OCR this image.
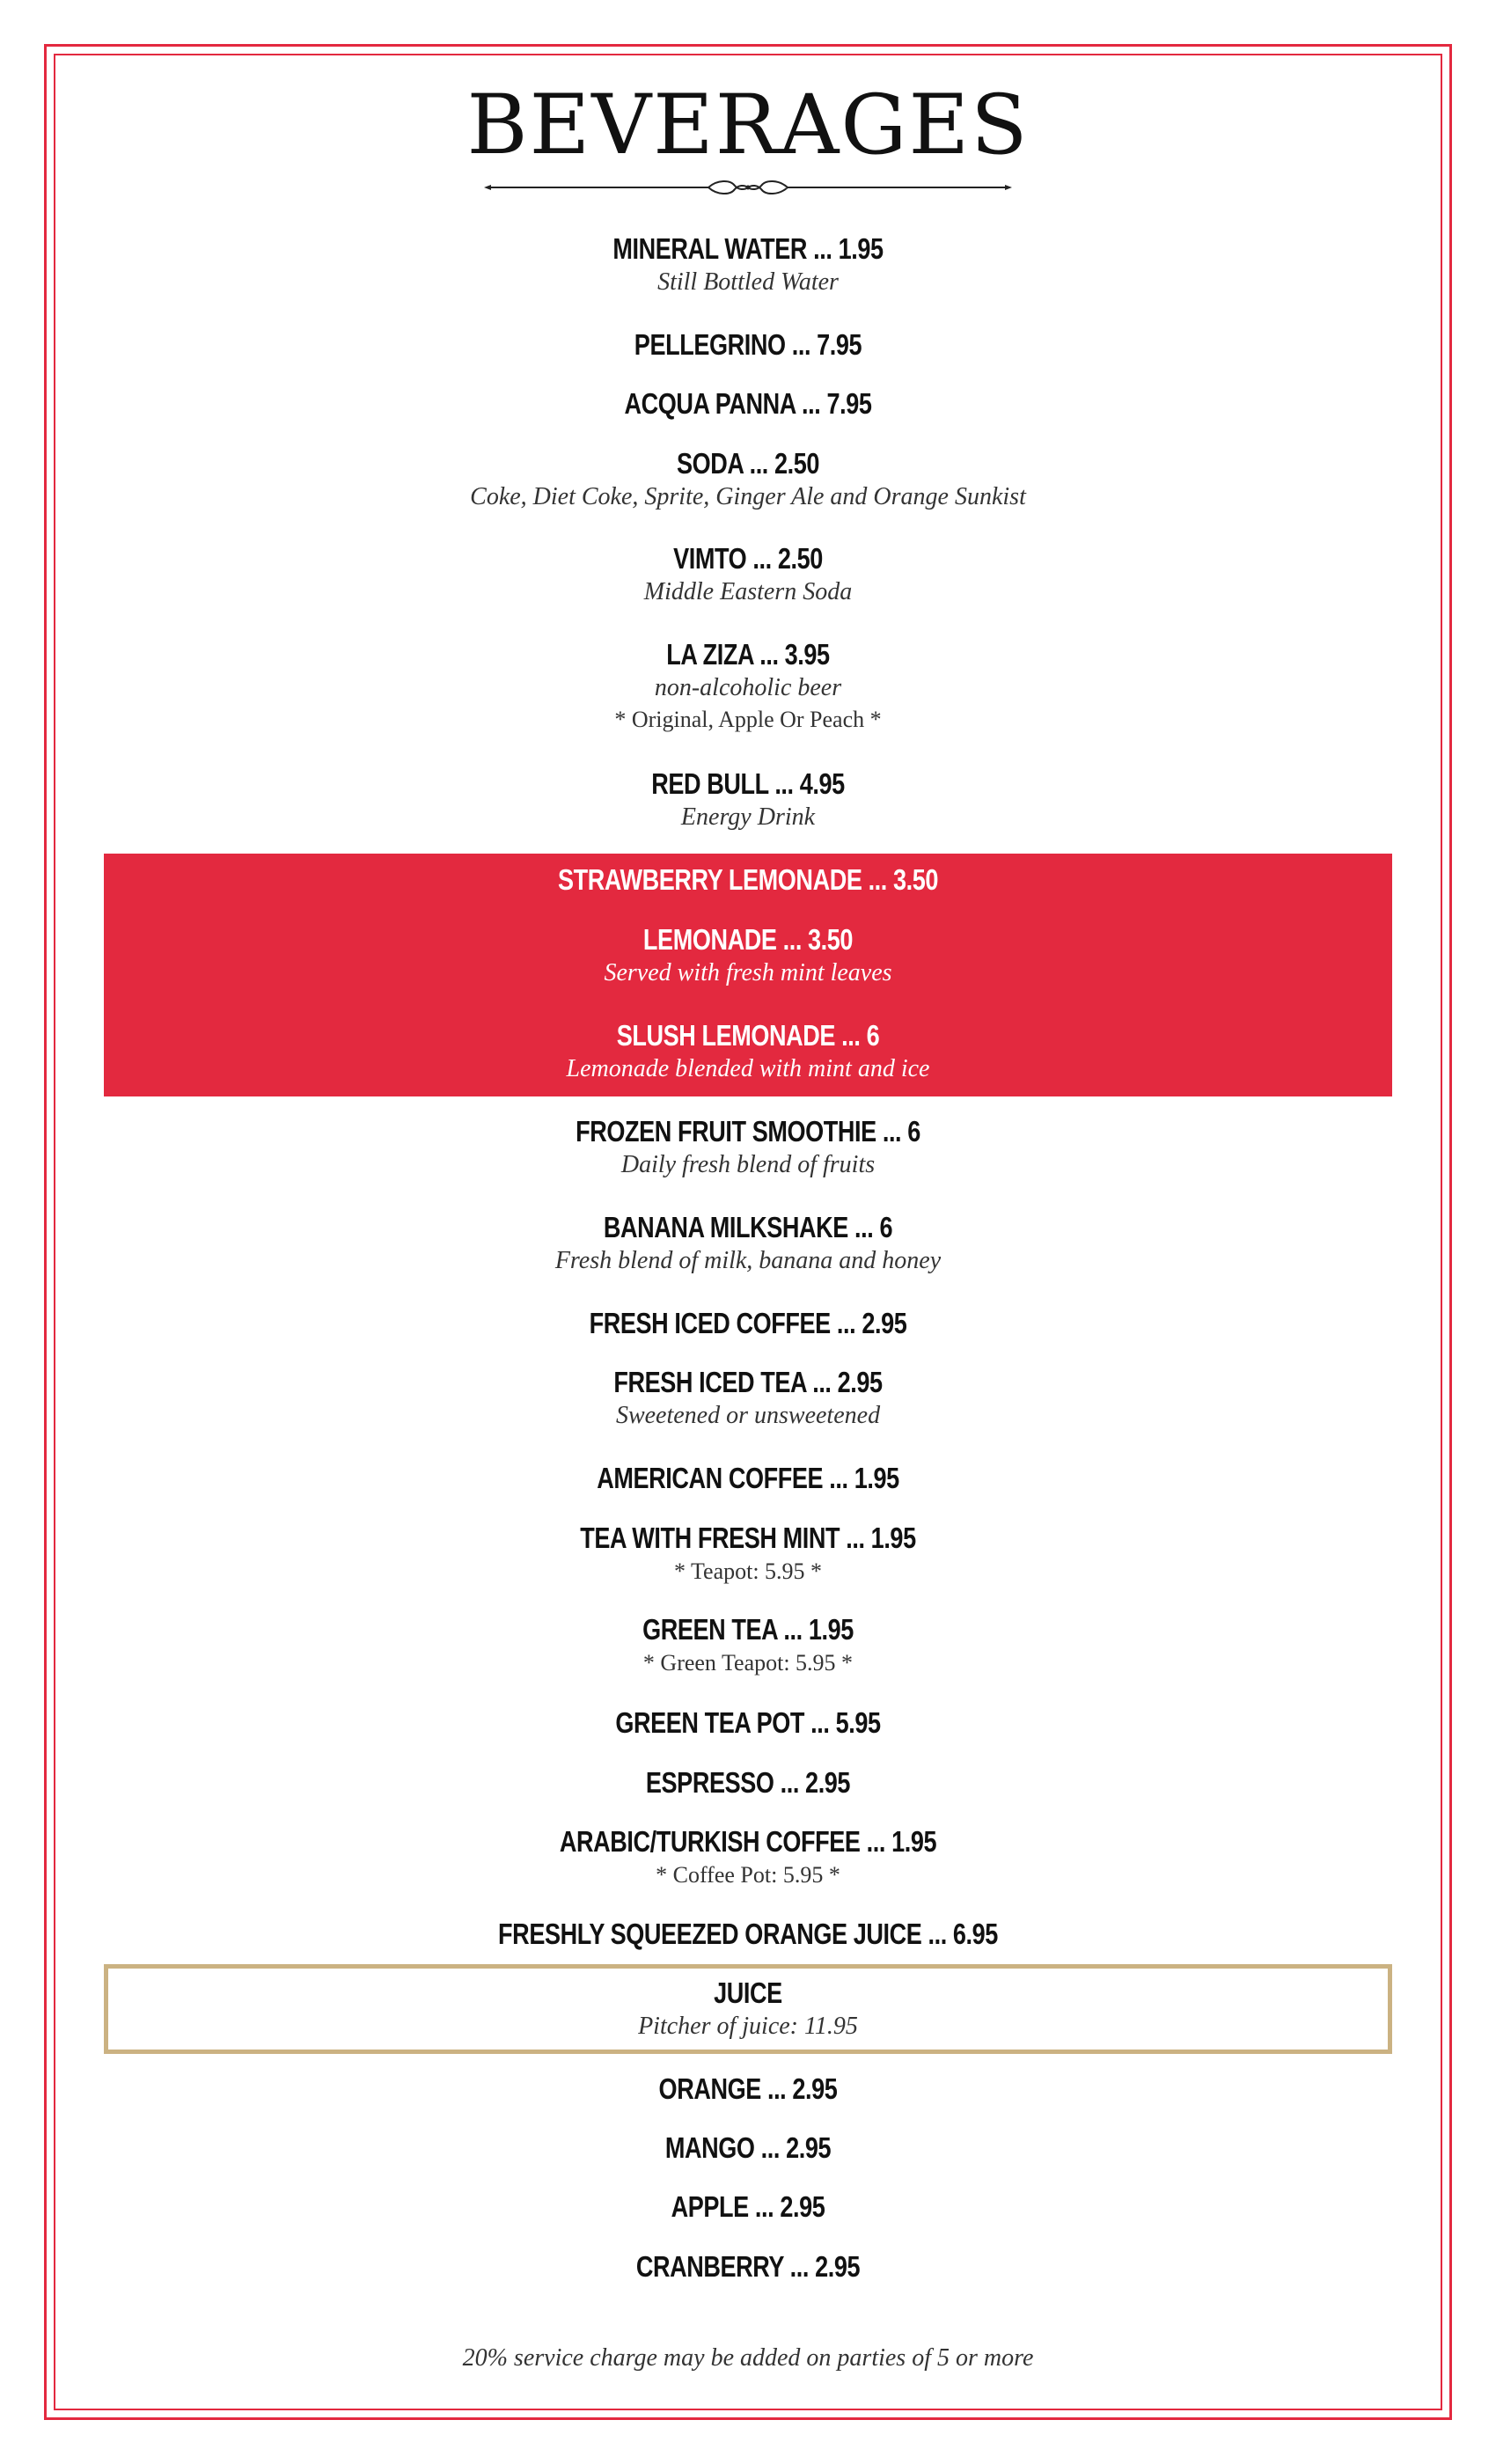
BEVERAGES
MINERAL WATER ... 1.95
Still Bottled Water
PELLEGRINO ... 7.95
ACQUA PANNA ... 7.95
SODA ... 2.50
Coke, Diet Coke, Sprite, Ginger Ale and Orange Sunkist
VIMTO ... 2.50
Middle Eastern Soda
LA ZIZA ... 3.95
non-alcoholic beer
* Original, Apple Or Peach *
RED BULL ... 4.95
Energy Drink
STRAWBERRY LEMONADE ... 3.50
LEMONADE ... 3.50
Served with fresh mint leaves
SLUSH LEMONADE ... 6
Lemonade blended with mint and ice
FROZEN FRUIT SMOOTHIE ... 6
Daily fresh blend of fruits
BANANA MILKSHAKE ... 6
Fresh blend of milk, banana and honey
FRESH ICED COFFEE ... 2.95
FRESH ICED TEA ... 2.95
Sweetened or unsweetened
AMERICAN COFFEE ... 1.95
TEA WITH FRESH MINT ... 1.95
* Teapot: 5.95 *
GREEN TEA ... 1.95
* Green Teapot: 5.95 *
GREEN TEA POT ... 5.95
ESPRESSO ... 2.95
ARABIC/TURKISH COFFEE ... 1.95
* Coffee Pot: 5.95 *
FRESHLY SQUEEZED ORANGE JUICE ... 6.95
JUICE
Pitcher of juice: 11.95
ORANGE ... 2.95
MANGO ... 2.95
APPLE ... 2.95
CRANBERRY ... 2.95
20% service charge may be added on parties of 5 or more
